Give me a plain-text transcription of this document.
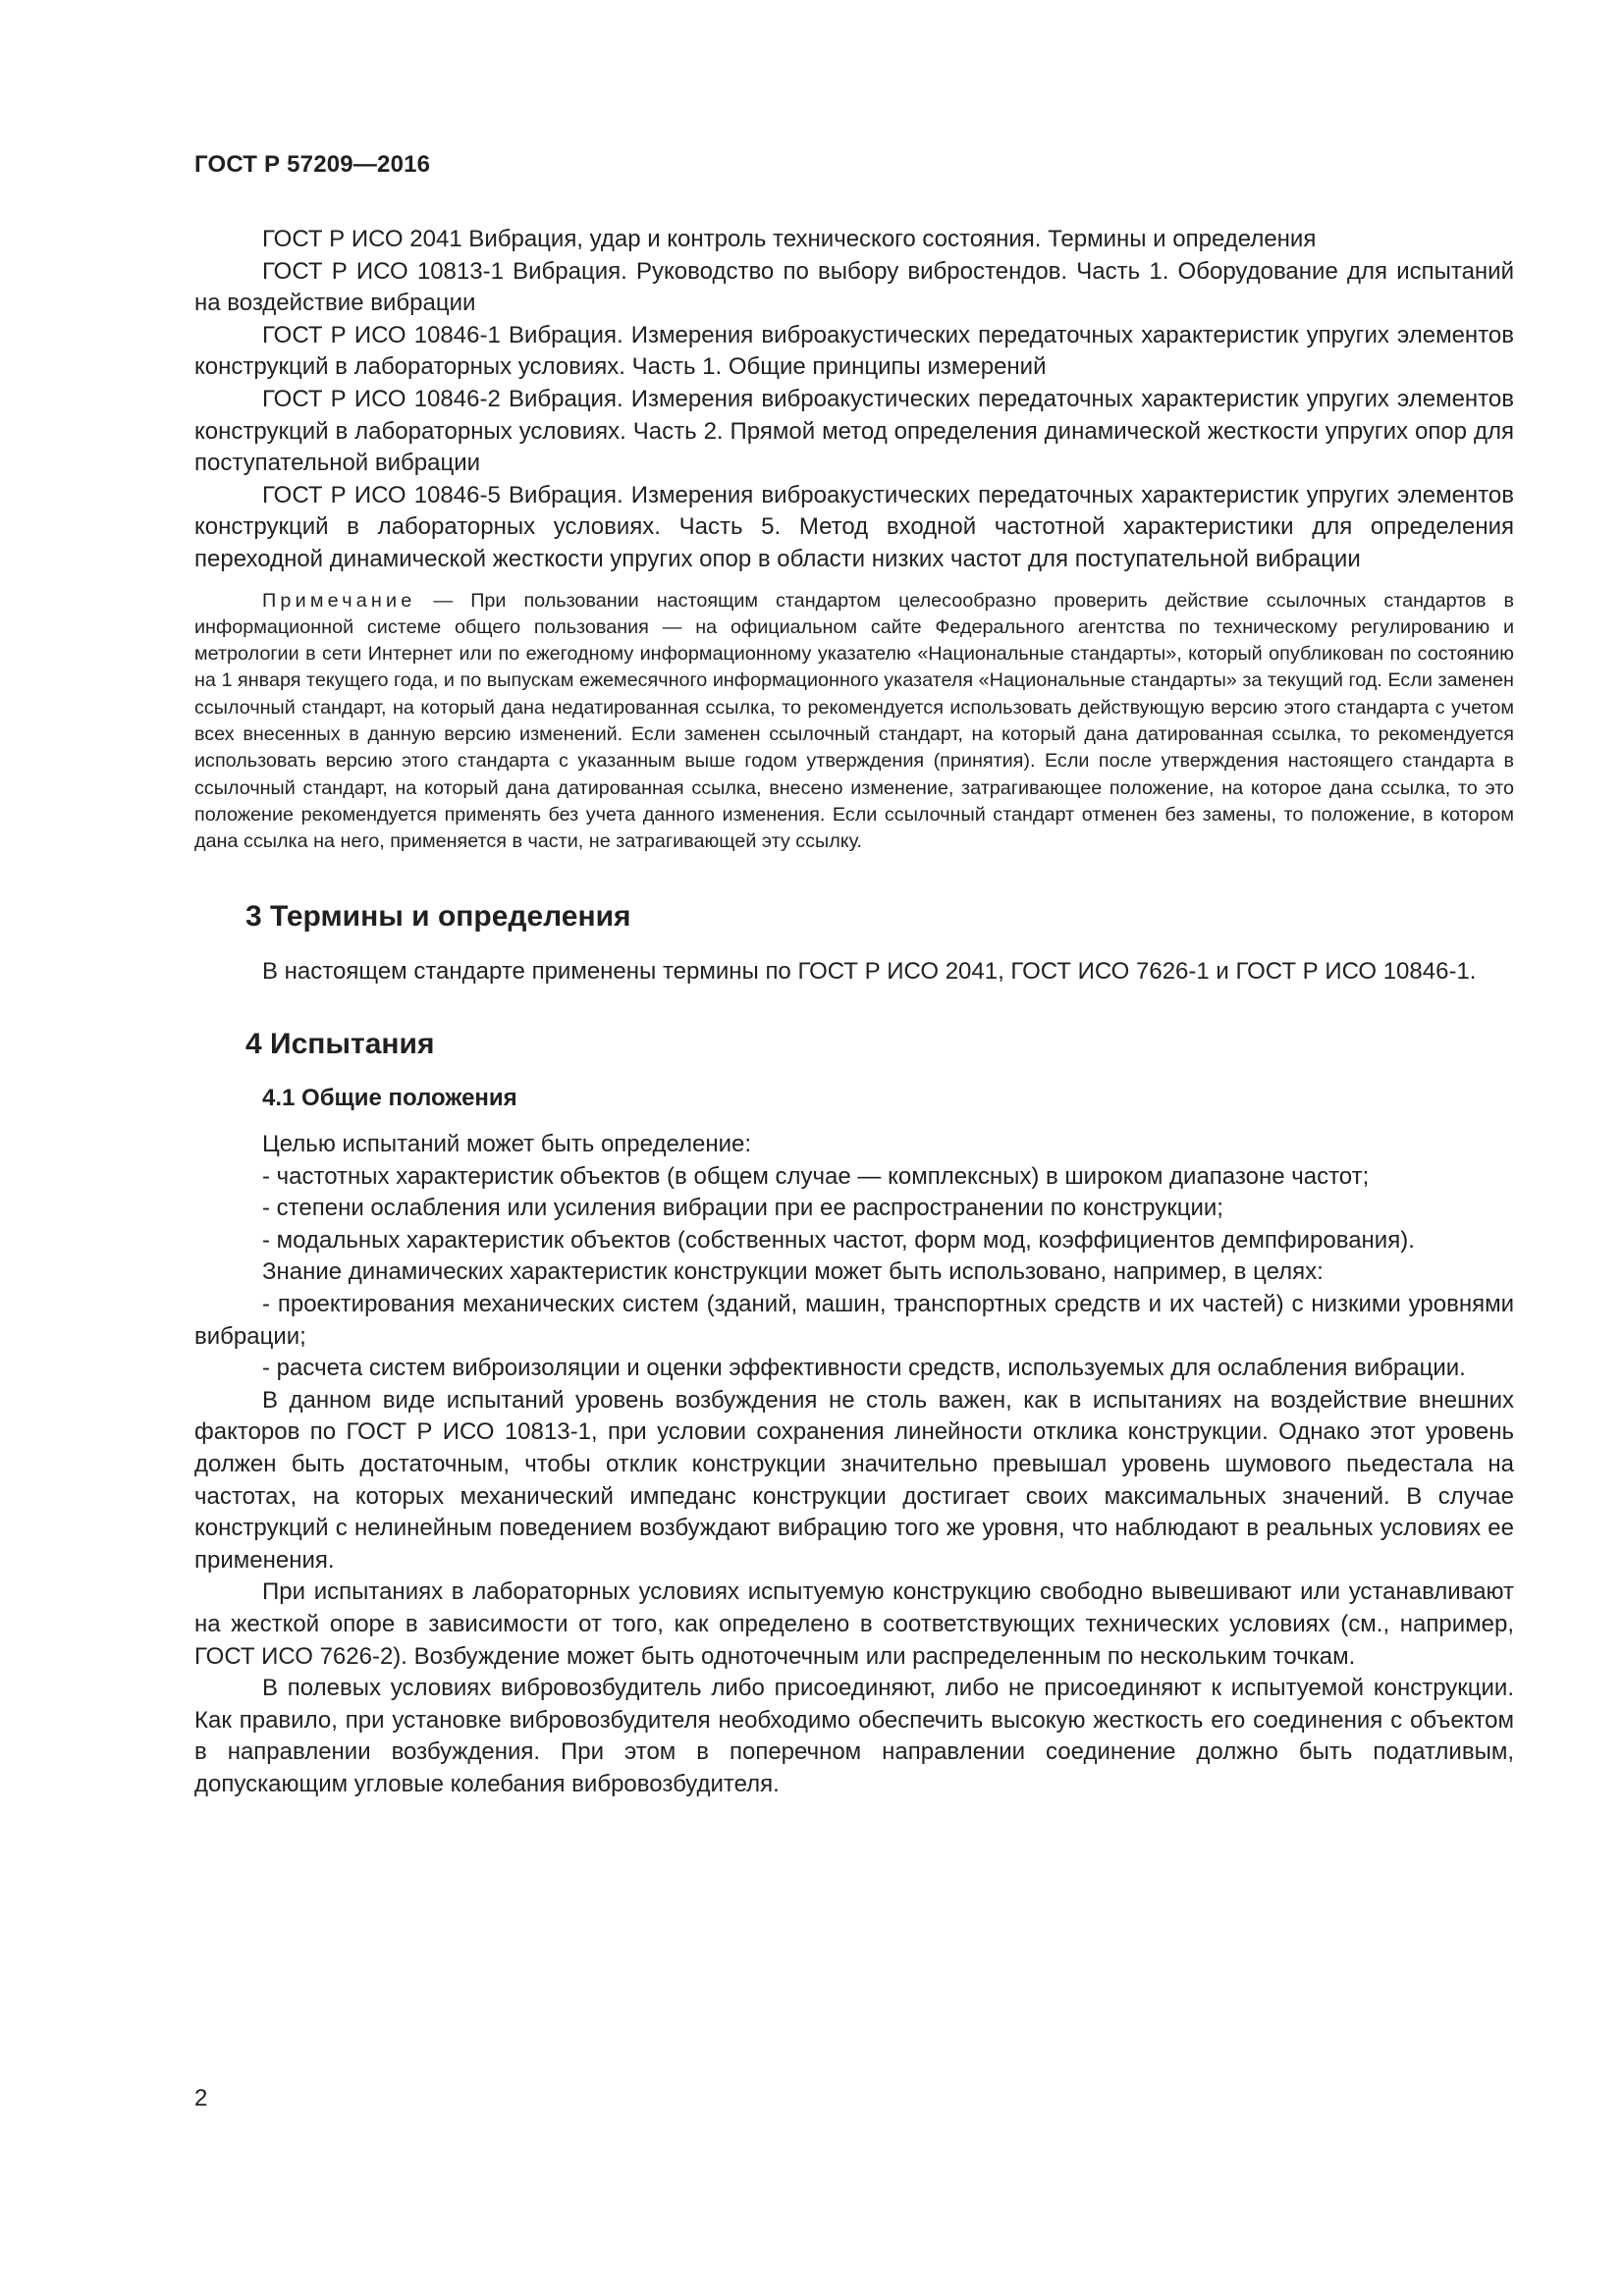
ГОСТ Р 57209—2016

ГОСТ Р ИСО 2041 Вибрация, удар и контроль технического состояния. Термины и определения

ГОСТ Р ИСО 10813-1 Вибрация. Руководство по выбору вибростендов. Часть 1. Оборудование для испытаний на воздействие вибрации

ГОСТ Р ИСО 10846-1 Вибрация. Измерения виброакустических передаточных характеристик упругих элементов конструкций в лабораторных условиях. Часть 1. Общие принципы измерений

ГОСТ Р ИСО 10846-2 Вибрация. Измерения виброакустических передаточных характеристик упругих элементов конструкций в лабораторных условиях. Часть 2. Прямой метод определения динамической жесткости упругих опор для поступательной вибрации

ГОСТ Р ИСО 10846-5 Вибрация. Измерения виброакустических передаточных характеристик упругих элементов конструкций в лабораторных условиях. Часть 5. Метод входной частотной характеристики для определения переходной динамической жесткости упругих опор в области низких частот для поступательной вибрации

Примечание — При пользовании настоящим стандартом целесообразно проверить действие ссылочных стандартов в информационной системе общего пользования — на официальном сайте Федерального агентства по техническому регулированию и метрологии в сети Интернет или по ежегодному информационному указателю «Национальные стандарты», который опубликован по состоянию на 1 января текущего года, и по выпускам ежемесячного информационного указателя «Национальные стандарты» за текущий год. Если заменен ссылочный стандарт, на который дана недатированная ссылка, то рекомендуется использовать действующую версию этого стандарта с учетом всех внесенных в данную версию изменений. Если заменен ссылочный стандарт, на который дана датированная ссылка, то рекомендуется использовать версию этого стандарта с указанным выше годом утверждения (принятия). Если после утверждения настоящего стандарта в ссылочный стандарт, на который дана датированная ссылка, внесено изменение, затрагивающее положение, на которое дана ссылка, то это положение рекомендуется применять без учета данного изменения. Если ссылочный стандарт отменен без замены, то положение, в котором дана ссылка на него, применяется в части, не затрагивающей эту ссылку.

3 Термины и определения

В настоящем стандарте применены термины по ГОСТ Р ИСО 2041, ГОСТ ИСО 7626-1 и ГОСТ Р ИСО 10846-1.

4 Испытания
4.1 Общие положения

Целью испытаний может быть определение:

- частотных характеристик объектов (в общем случае — комплексных) в широком диапазоне частот;

- степени ослабления или усиления вибрации при ее распространении по конструкции;

- модальных характеристик объектов (собственных частот, форм мод, коэффициентов демпфирования).

Знание динамических характеристик конструкции может быть использовано, например, в целях:

- проектирования механических систем (зданий, машин, транспортных средств и их частей) с низкими уровнями вибрации;

- расчета систем виброизоляции и оценки эффективности средств, используемых для ослабления вибрации.

В данном виде испытаний уровень возбуждения не столь важен, как в испытаниях на воздействие внешних факторов по ГОСТ Р ИСО 10813-1, при условии сохранения линейности отклика конструкции. Однако этот уровень должен быть достаточным, чтобы отклик конструкции значительно превышал уровень шумового пьедестала на частотах, на которых механический импеданс конструкции достигает своих максимальных значений. В случае конструкций с нелинейным поведением возбуждают вибрацию того же уровня, что наблюдают в реальных условиях ее применения.

При испытаниях в лабораторных условиях испытуемую конструкцию свободно вывешивают или устанавливают на жесткой опоре в зависимости от того, как определено в соответствующих технических условиях (см., например, ГОСТ ИСО 7626-2). Возбуждение может быть одноточечным или распределенным по нескольким точкам.

В полевых условиях вибровозбудитель либо присоединяют, либо не присоединяют к испытуемой конструкции. Как правило, при установке вибровозбудителя необходимо обеспечить высокую жесткость его соединения с объектом в направлении возбуждения. При этом в поперечном направлении соединение должно быть податливым, допускающим угловые колебания вибровозбудителя.

2
